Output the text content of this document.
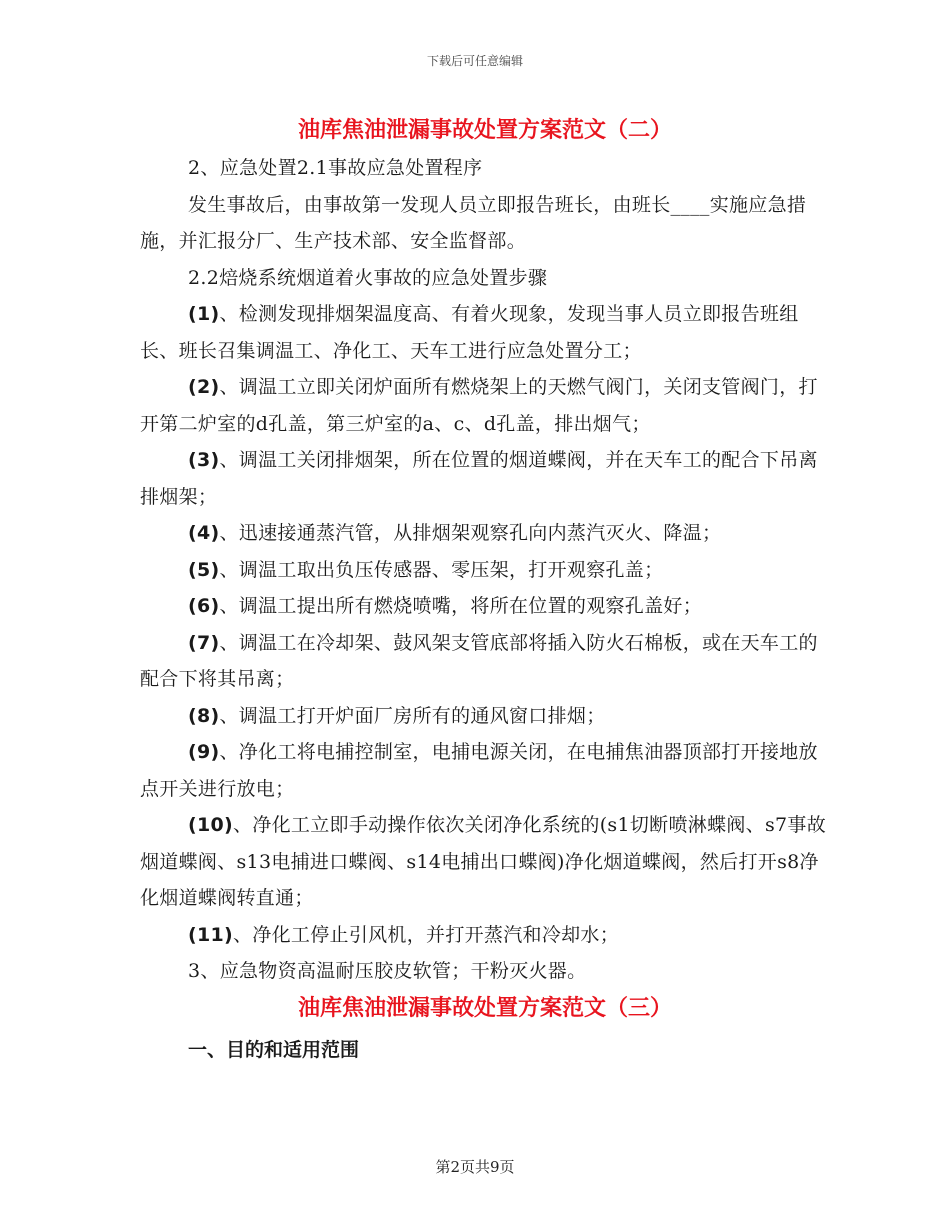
下载后可任意编辑
油库焦油泄漏事故处置方案范文（二）

2、应急处置2.1事故应急处置程序

发生事故后，由事故第一发现人员立即报告班长，由班长____实施应急措施，并汇报分厂、生产技术部、安全监督部。

2.2焙烧系统烟道着火事故的应急处置步骤

(1)、检测发现排烟架温度高、有着火现象，发现当事人员立即报告班组长、班长召集调温工、净化工、天车工进行应急处置分工；

(2)、调温工立即关闭炉面所有燃烧架上的天燃气阀门，关闭支管阀门，打开第二炉室的d孔盖，第三炉室的a、c、d孔盖，排出烟气；

(3)、调温工关闭排烟架，所在位置的烟道蝶阀，并在天车工的配合下吊离排烟架；

(4)、迅速接通蒸汽管，从排烟架观察孔向内蒸汽灭火、降温；

(5)、调温工取出负压传感器、零压架，打开观察孔盖；

(6)、调温工提出所有燃烧喷嘴，将所在位置的观察孔盖好；

(7)、调温工在冷却架、鼓风架支管底部将插入防火石棉板，或在天车工的配合下将其吊离；

(8)、调温工打开炉面厂房所有的通风窗口排烟；

(9)、净化工将电捕控制室，电捕电源关闭，在电捕焦油器顶部打开接地放点开关进行放电；

(10)、净化工立即手动操作依次关闭净化系统的(s1切断喷淋蝶阀、s7事故烟道蝶阀、s13电捕进口蝶阀、s14电捕出口蝶阀)净化烟道蝶阀，然后打开s8净化烟道蝶阀转直通；

(11)、净化工停止引风机，并打开蒸汽和冷却水；

3、应急物资高温耐压胶皮软管；干粉灭火器。

油库焦油泄漏事故处置方案范文（三）

一、目的和适用范围

第2页共9页
